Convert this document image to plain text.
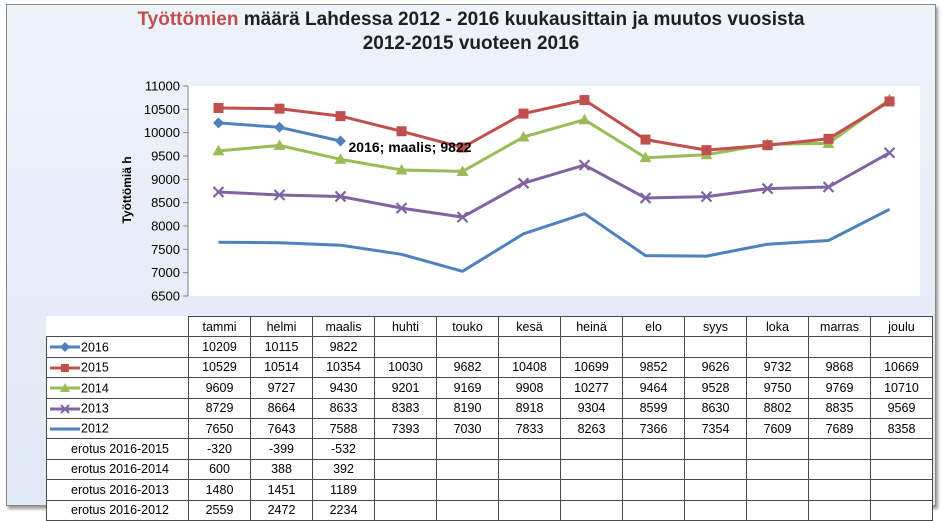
Työttömien määrä Lahdessa 2012 - 2016 kuukausittain ja muutos vuosista
2012-2015 vuoteen 2016
6500
7000
7500
8000
8500
9000
9500
10000
10500
11000
Työttömiä h
2016; maalis; 9822
	tammi	helmi	maalis	huhti	touko	kesä	heinä	elo	syys	loka	marras	joulu
2016	10209	10115	9822									
2015	10529	10514	10354	10030	9682	10408	10699	9852	9626	9732	9868	10669
2014	9609	9727	9430	9201	9169	9908	10277	9464	9528	9750	9769	10710
2013	8729	8664	8633	8383	8190	8918	9304	8599	8630	8802	8835	9569
2012	7650	7643	7588	7393	7030	7833	8263	7366	7354	7609	7689	8358
erotus 2016-2015	-320	-399	-532									
erotus 2016-2014	600	388	392									
erotus 2016-2013	1480	1451	1189									
erotus 2016-2012	2559	2472	2234									
